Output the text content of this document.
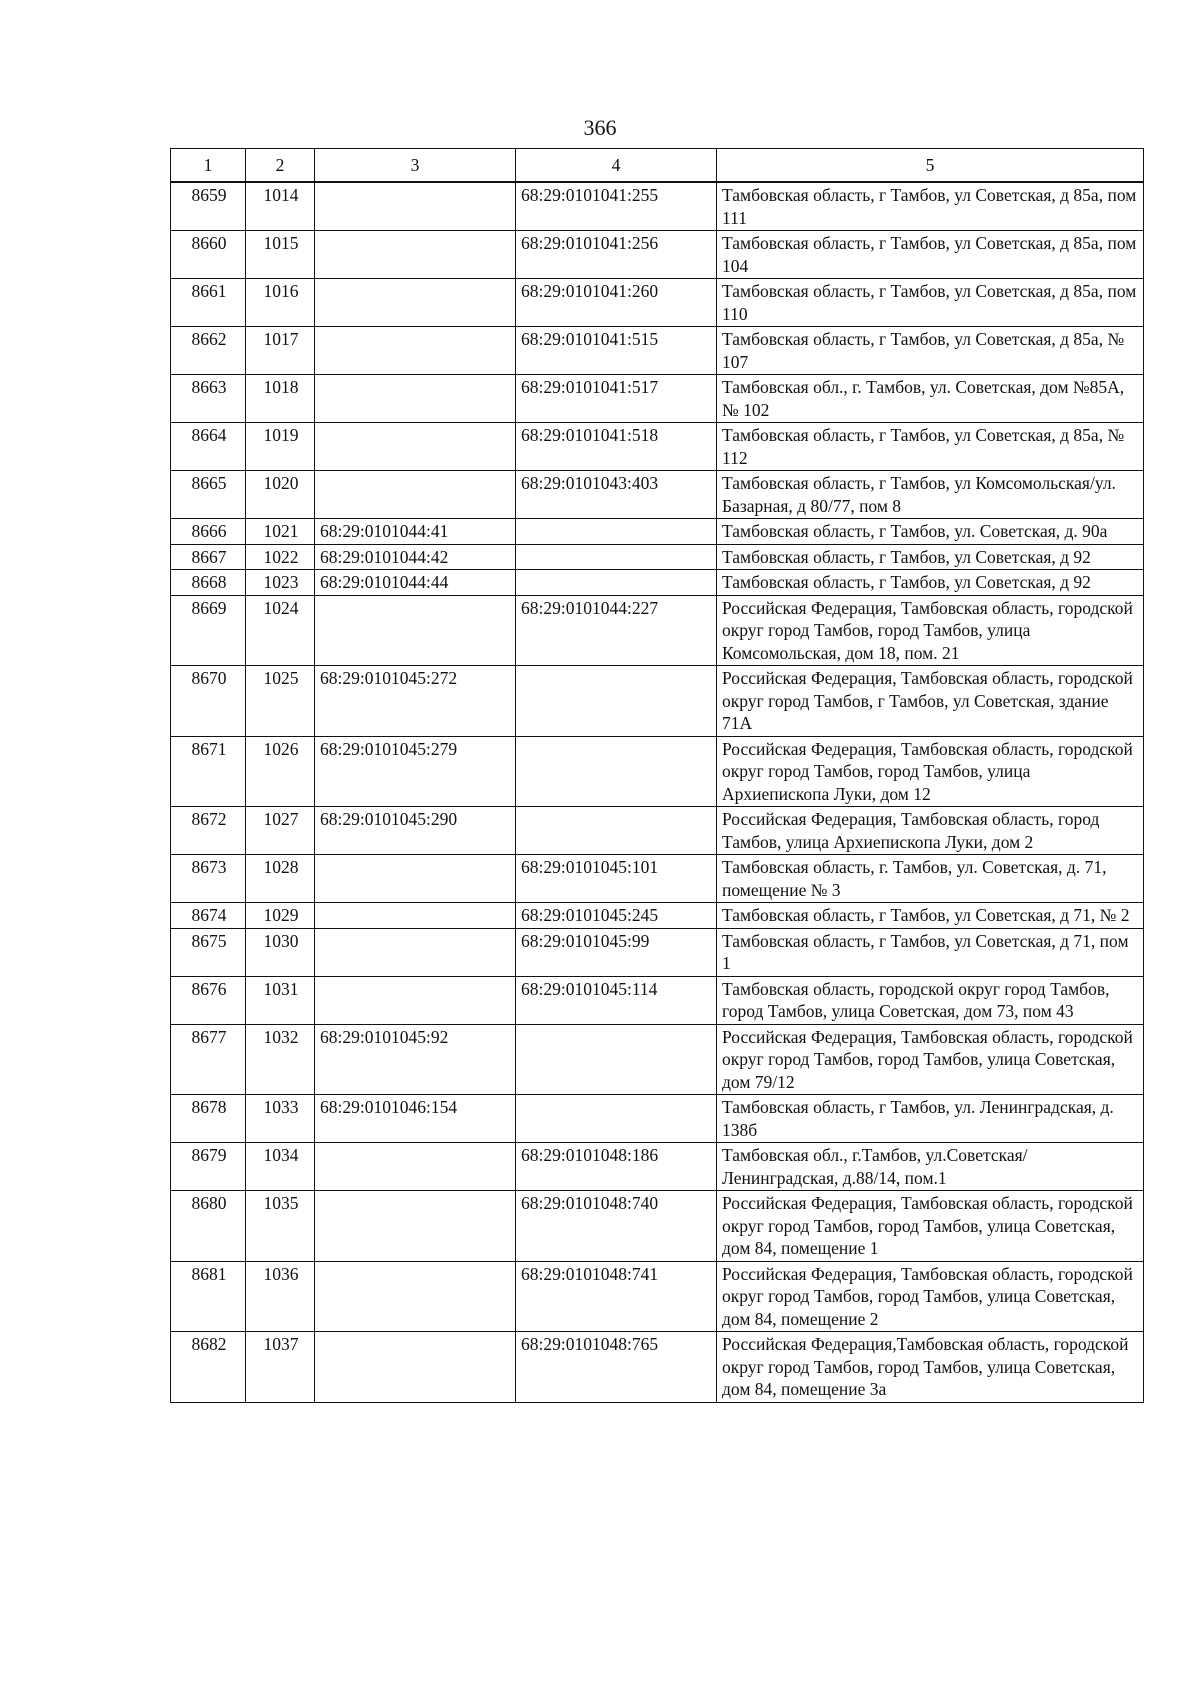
366
1	2	3	4	5
8659	1014		68:29:0101041:255	Тамбовская область, г Тамбов, ул Советская, д 85а, пом 111
8660	1015		68:29:0101041:256	Тамбовская область, г Тамбов, ул Советская, д 85а, пом 104
8661	1016		68:29:0101041:260	Тамбовская область, г Тамбов, ул Советская, д 85а, пом 110
8662	1017		68:29:0101041:515	Тамбовская область, г Тамбов, ул Советская, д 85а, № 107
8663	1018		68:29:0101041:517	Тамбовская обл., г. Тамбов, ул. Советская, дом №85А, № 102
8664	1019		68:29:0101041:518	Тамбовская область, г Тамбов, ул Советская, д 85а, № 112
8665	1020		68:29:0101043:403	Тамбовская область, г Тамбов, ул Комсомольская/ул. Базарная, д 80/77, пом 8
8666	1021	68:29:0101044:41		Тамбовская область, г Тамбов, ул. Советская, д. 90а
8667	1022	68:29:0101044:42		Тамбовская область, г Тамбов, ул Советская, д 92
8668	1023	68:29:0101044:44		Тамбовская область, г Тамбов, ул Советская, д 92
8669	1024		68:29:0101044:227	Российская Федерация, Тамбовская область, городской округ город Тамбов, город Тамбов, улица Комсомольская, дом 18, пом. 21
8670	1025	68:29:0101045:272		Российская Федерация, Тамбовская область, городской округ город Тамбов, г Тамбов, ул Советская, здание 71А
8671	1026	68:29:0101045:279		Российская Федерация, Тамбовская область, городской округ город Тамбов, город Тамбов, улица Архиепископа Луки, дом 12
8672	1027	68:29:0101045:290		Российская Федерация, Тамбовская область, город Тамбов, улица Архиепископа Луки, дом 2
8673	1028		68:29:0101045:101	Тамбовская область, г. Тамбов, ул. Советская, д. 71, помещение № 3
8674	1029		68:29:0101045:245	Тамбовская область, г Тамбов, ул Советская, д 71, № 2
8675	1030		68:29:0101045:99	Тамбовская область, г Тамбов, ул Советская, д 71, пом 1
8676	1031		68:29:0101045:114	Тамбовская область, городской округ город Тамбов, город Тамбов, улица Советская, дом 73, пом 43
8677	1032	68:29:0101045:92		Российская Федерация, Тамбовская область, городской округ город Тамбов, город Тамбов, улица Советская, дом 79/12
8678	1033	68:29:0101046:154		Тамбовская область, г Тамбов, ул. Ленинградская, д. 138б
8679	1034		68:29:0101048:186	Тамбовская обл., г.Тамбов, ул.Советская/Ленинградская, д.88/14, пом.1
8680	1035		68:29:0101048:740	Российская Федерация, Тамбовская область, городской округ город Тамбов, город Тамбов, улица Советская, дом 84, помещение 1
8681	1036		68:29:0101048:741	Российская Федерация, Тамбовская область, городской округ город Тамбов, город Тамбов, улица Советская, дом 84, помещение 2
8682	1037		68:29:0101048:765	Российская Федерация,Тамбовская область, городской округ город Тамбов, город Тамбов, улица Советская, дом 84, помещение 3а
